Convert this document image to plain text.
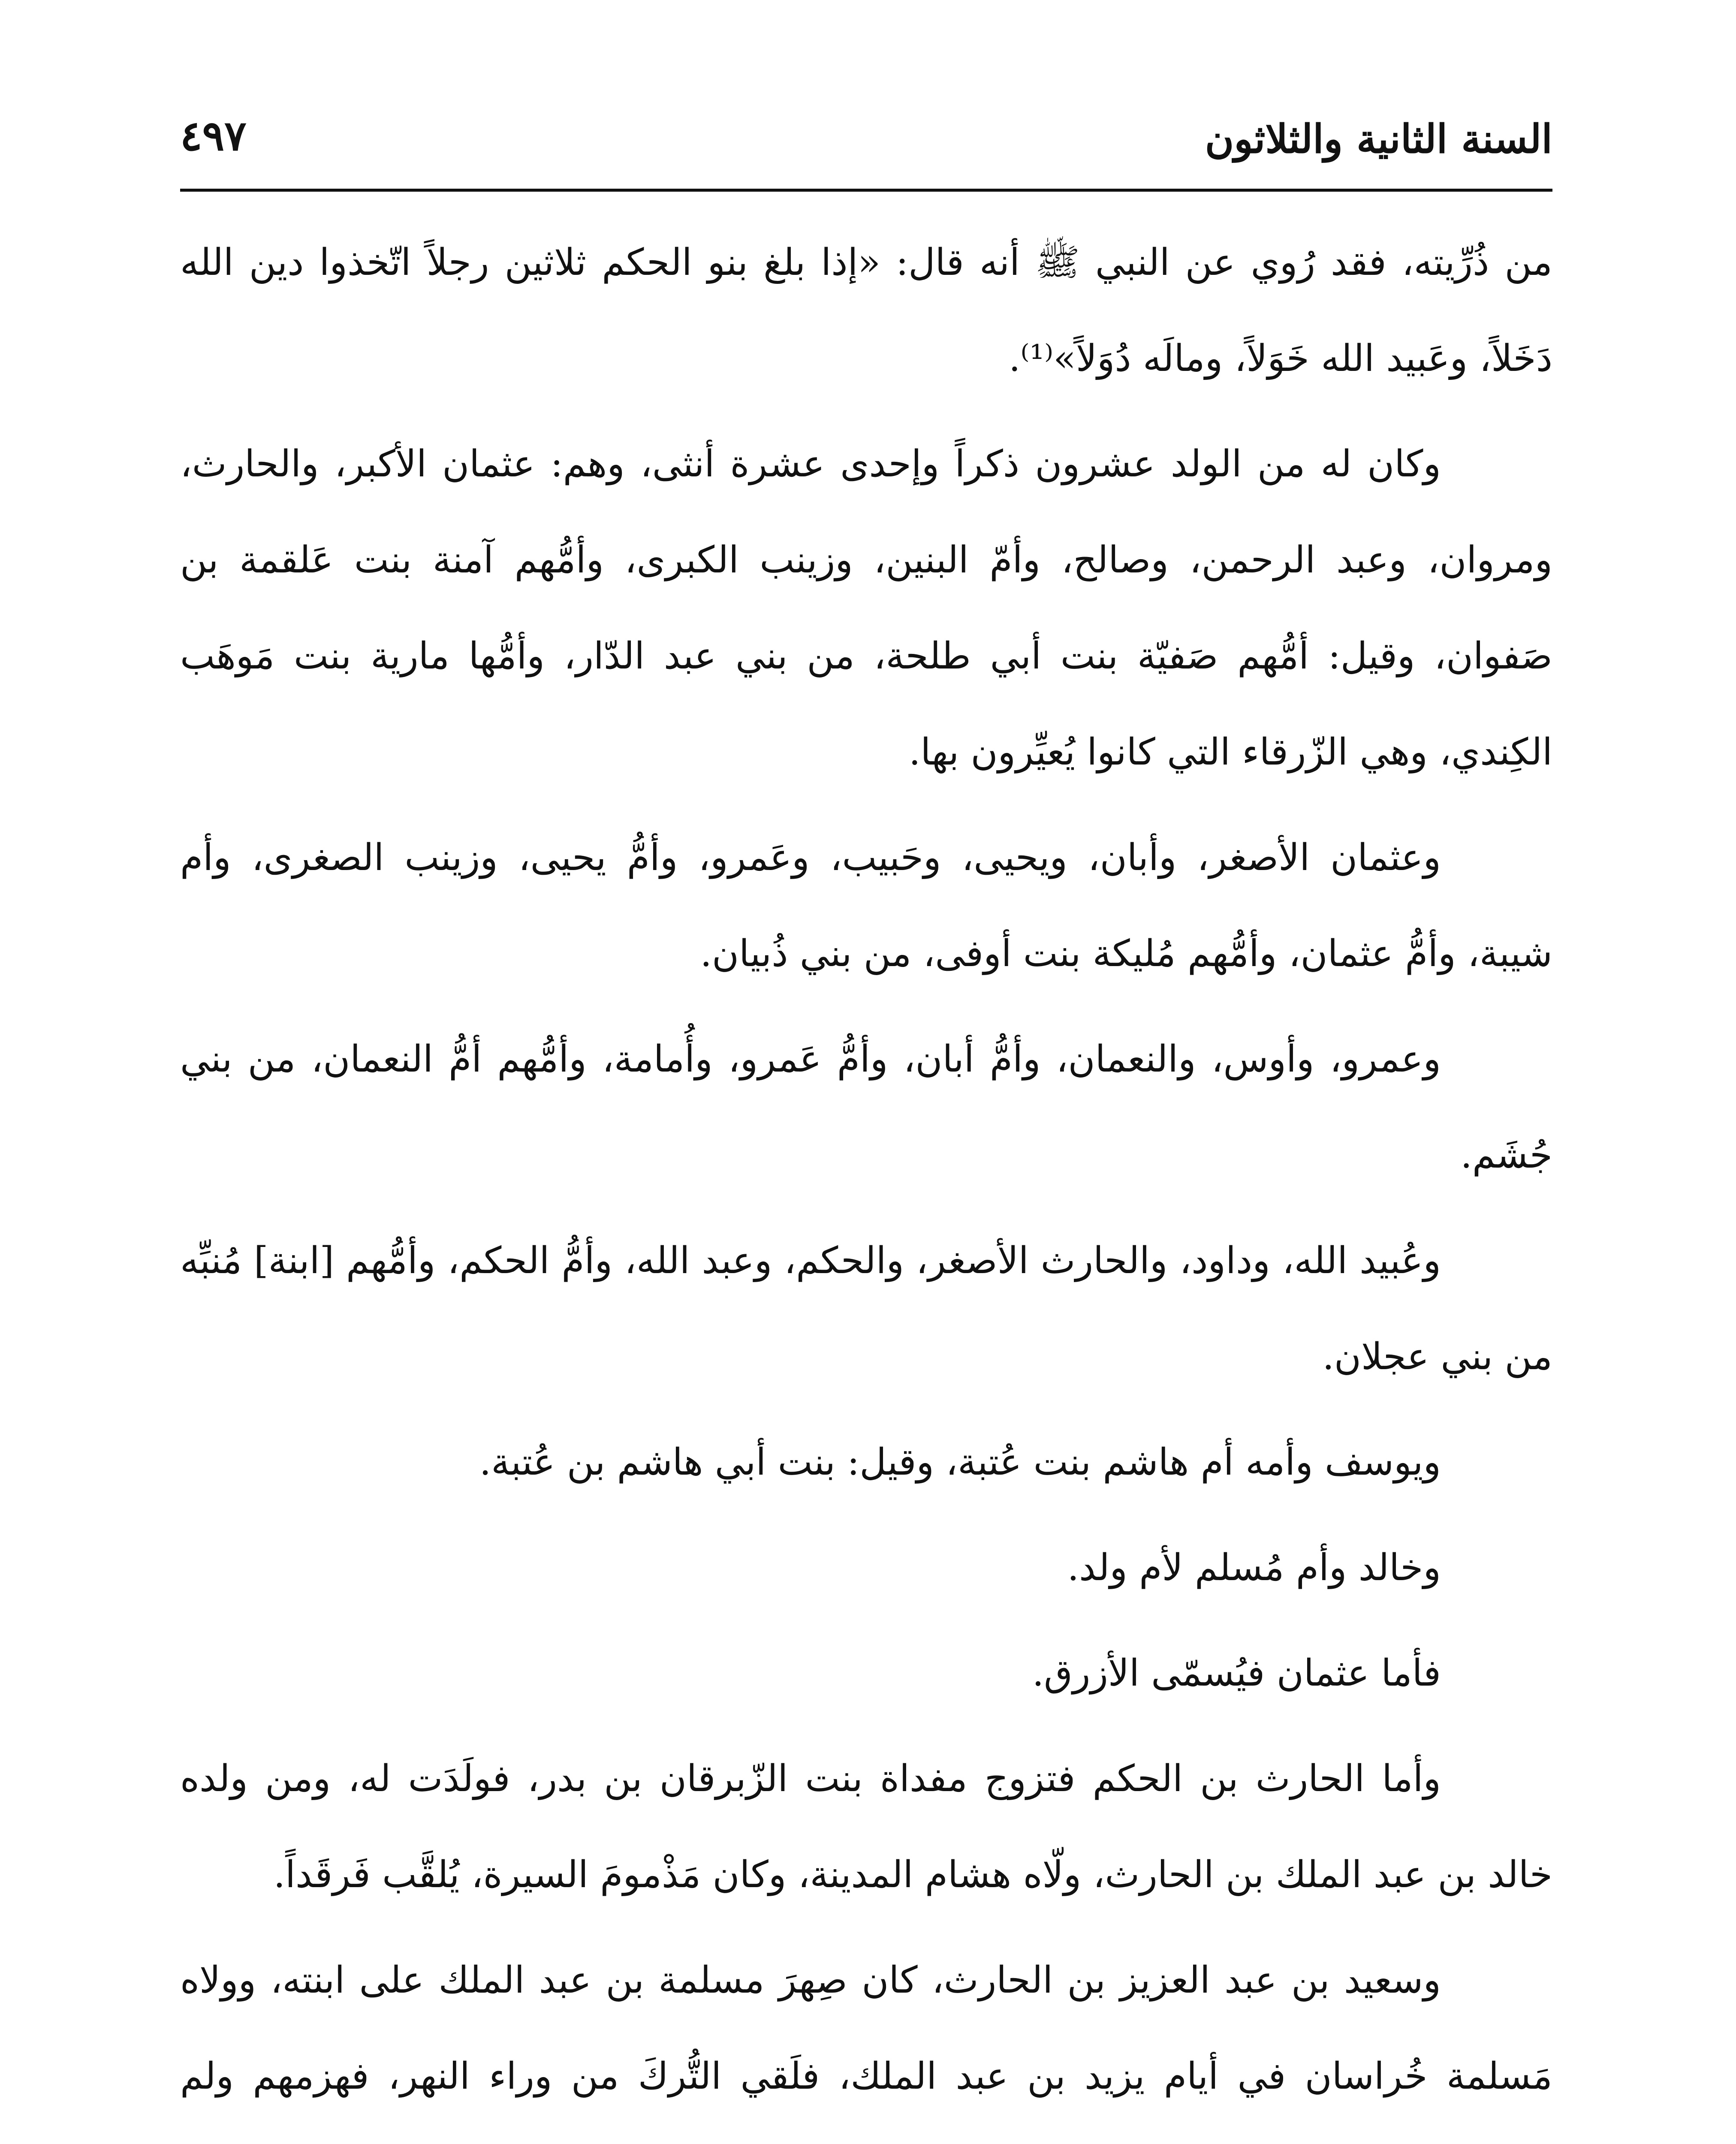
السنة الثانية والثلاثون
٤٩٧

من ذُرِّيته، فقد رُوي عن النبي ﷺ أنه قال: «إذا بلغ بنو الحكم ثلاثين رجلاً اتّخذوا دين الله دَخَلاً، وعَبيد الله خَوَلاً، ومالَه دُوَلاً»⁽¹⁾.

وكان له من الولد عشرون ذكراً وإحدى عشرة أنثى، وهم: عثمان الأكبر، والحارث، ومروان، وعبد الرحمن، وصالح، وأمّ البنين، وزينب الكبرى، وأمُّهم آمنة بنت عَلقمة بن صَفوان، وقيل: أمُّهم صَفيّة بنت أبي طلحة، من بني عبد الدّار، وأمُّها مارية بنت مَوهَب الكِندي، وهي الزّرقاء التي كانوا يُعيِّرون بها.

وعثمان الأصغر، وأبان، ويحيى، وحَبيب، وعَمرو، وأمُّ يحيى، وزينب الصغرى، وأم شيبة، وأمُّ عثمان، وأمُّهم مُليكة بنت أوفى، من بني ذُبيان.

وعمرو، وأوس، والنعمان، وأمُّ أبان، وأمُّ عَمرو، وأُمامة، وأمُّهم أمُّ النعمان، من بني جُشَم.

وعُبيد الله، وداود، والحارث الأصغر، والحكم، وعبد الله، وأمُّ الحكم، وأمُّهم [ابنة] مُنبِّه من بني عجلان.

ويوسف وأمه أم هاشم بنت عُتبة، وقيل: بنت أبي هاشم بن عُتبة.

وخالد وأم مُسلم لأم ولد.

فأما عثمان فيُسمّى الأزرق.

وأما الحارث بن الحكم فتزوج مفداة بنت الزّبرقان بن بدر، فولَدَت له، ومن ولده خالد بن عبد الملك بن الحارث، ولّاه هشام المدينة، وكان مَذْمومَ السيرة، يُلقَّب فَرقَداً.

وسعيد بن عبد العزيز بن الحارث، كان صِهرَ مسلمة بن عبد الملك على ابنته، وولاه مَسلمة خُراسان في أيام يزيد بن عبد الملك، فلَقي التُّركَ من وراء النهر، فهزمهم ولم
